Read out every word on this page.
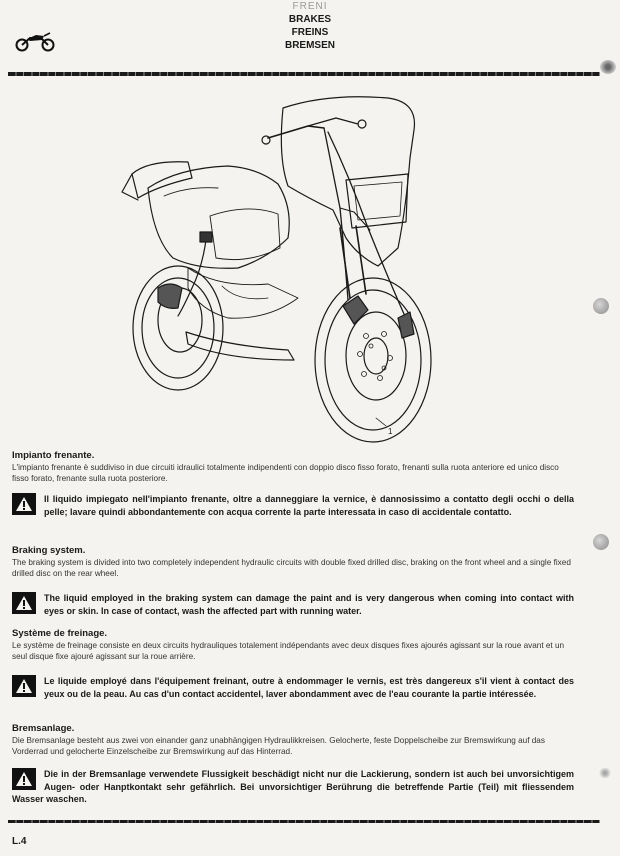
FRENI
BRAKES
FREINS
BREMSEN
1

Impianto frenante.

L'impianto frenante è suddiviso in due circuiti idraulici totalmente indipendenti con doppio disco fisso forato, frenanti sulla ruota anteriore ed unico disco fisso forato, frenante sulla ruota posteriore.

Il liquido impiegato nell'impianto frenante, oltre a danneggiare la vernice, è dannosissimo a contatto degli occhi o della pelle; lavare quindi abbondantemente con acqua corrente la parte interessata in caso di accidentale contatto.

Braking system.

The braking system is divided into two completely independent hydraulic circuits with double fixed drilled disc, braking on the front wheel and a single fixed drilled disc on the rear wheel.

The liquid employed in the braking system can damage the paint and is very dangerous when coming into contact with eyes or skin. In case of contact, wash the affected part with running water.

Système de freinage.

Le système de freinage consiste en deux circuits hydrauliques totalement indépendants avec deux disques fixes ajourés agissant sur la roue avant et un seul disque fixe ajouré agissant sur la roue arrière.

Le liquide employé dans l'équipement freinant, outre à endommager le vernis, est très dangereux s'il vient à contact des yeux ou de la peau. Au cas d'un contact accidentel, laver abondamment avec de l'eau courante la partie intéressée.

Bremsanlage.

Die Bremsanlage besteht aus zwei von einander ganz unabhängigen Hydraulikkreisen. Gelocherte, feste Doppelscheibe zur Bremswirkung auf das Vorderrad und gelocherte Einzelscheibe zur Bremswirkung auf das Hinterrad.

Die in der Bremsanlage verwendete Flussigkeit beschädigt nicht nur die Lackierung, sondern ist auch bei unvorsichtigem Augen- oder Hanptkontakt sehr gefährlich. Bei unvorsichtiger Berührung die betreffende Partie (Teil) mit fliessendem Wasser waschen.
L.4
